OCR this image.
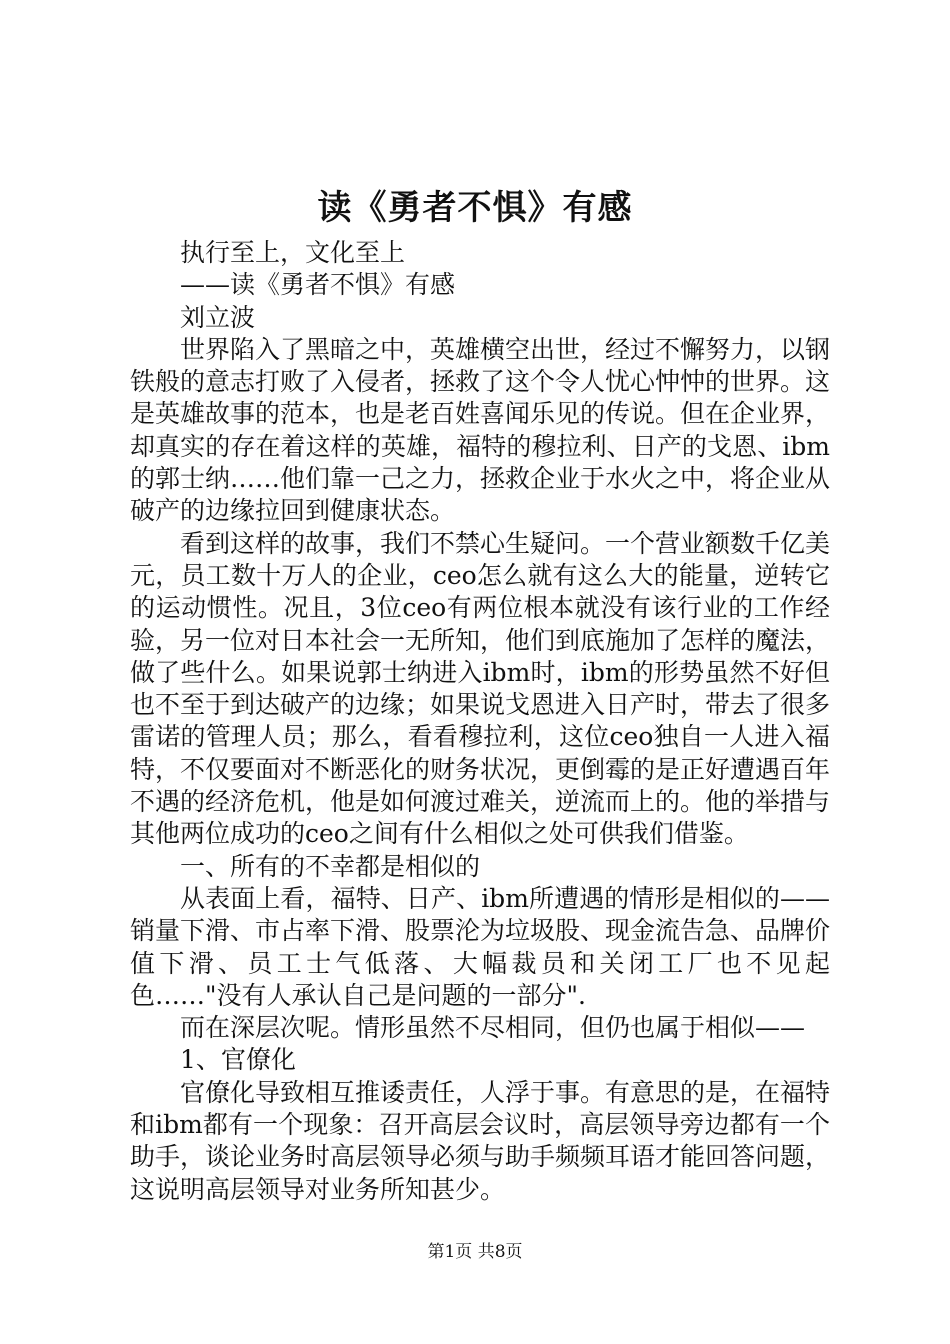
读《勇者不惧》有感

执行至上，文化至上

——读《勇者不惧》有感

刘立波

世界陷入了黑暗之中，英雄横空出世，经过不懈努力，以钢铁般的意志打败了入侵者，拯救了这个令人忧心忡忡的世界。这是英雄故事的范本，也是老百姓喜闻乐见的传说。但在企业界，却真实的存在着这样的英雄，福特的穆拉利、日产的戈恩、ibm的郭士纳……他们靠一己之力，拯救企业于水火之中，将企业从破产的边缘拉回到健康状态。

看到这样的故事，我们不禁心生疑问。一个营业额数千亿美元，员工数十万人的企业，ceo怎么就有这么大的能量，逆转它的运动惯性。况且，3位ceo有两位根本就没有该行业的工作经验，另一位对日本社会一无所知，他们到底施加了怎样的魔法，做了些什么。如果说郭士纳进入ibm时，ibm的形势虽然不好但也不至于到达破产的边缘；如果说戈恩进入日产时，带去了很多雷诺的管理人员；那么，看看穆拉利，这位ceo独自一人进入福特，不仅要面对不断恶化的财务状况，更倒霉的是正好遭遇百年不遇的经济危机，他是如何渡过难关，逆流而上的。他的举措与其他两位成功的ceo之间有什么相似之处可供我们借鉴。

一、所有的不幸都是相似的

从表面上看，福特、日产、ibm所遭遇的情形是相似的——销量下滑、市占率下滑、股票沦为垃圾股、现金流告急、品牌价值下滑、员工士气低落、大幅裁员和关闭工厂也不见起色……"没有人承认自己是问题的一部分".

而在深层次呢。情形虽然不尽相同，但仍也属于相似——

1、官僚化

官僚化导致相互推诿责任，人浮于事。有意思的是，在福特和ibm都有一个现象：召开高层会议时，高层领导旁边都有一个助手，谈论业务时高层领导必须与助手频频耳语才能回答问题，这说明高层领导对业务所知甚少。

第1页 共8页
